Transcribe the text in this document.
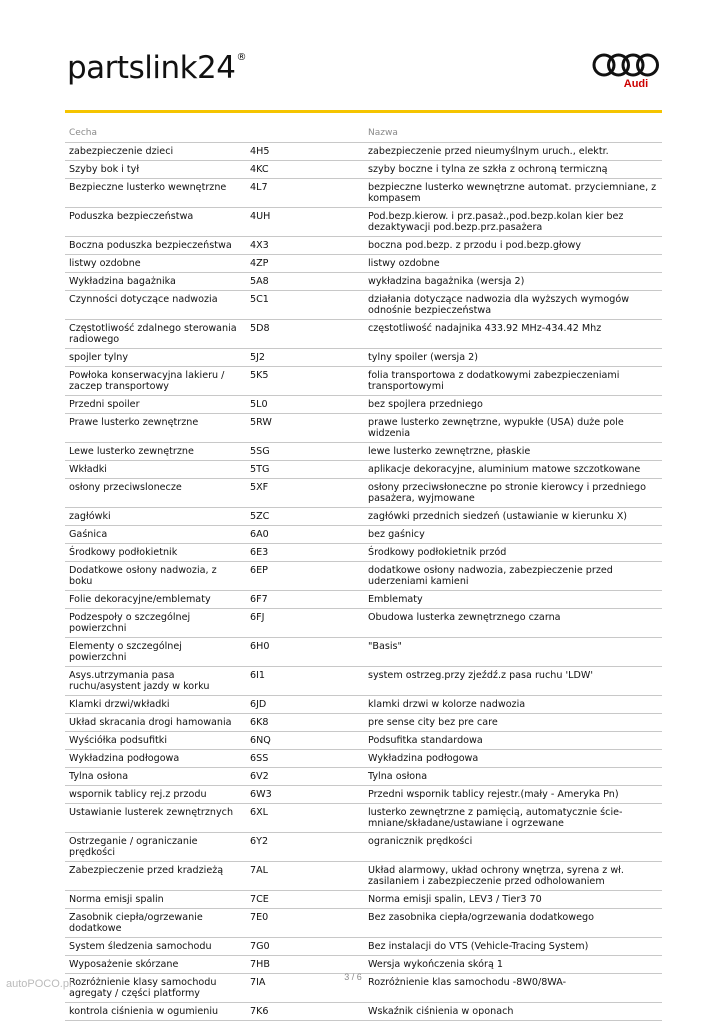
partslink24®
Audi
Cecha		Nazwa
zabezpieczenie dzieci	4H5	zabezpieczenie przed nieumyślnym uruch., elektr.
Szyby bok i tył	4KC	szyby boczne i tylna ze szkła z ochroną termiczną
Bezpieczne lusterko wewnętrzne	4L7	bezpieczne lusterko wewnętrzne automat. przyciemniane, z kompasem
Poduszka bezpieczeństwa	4UH	Pod.bezp.kierow. i prz.pasaż.,pod.bezp.kolan kier bez dezaktywacji pod.bezp.prz.pasażera
Boczna poduszka bezpieczeństwa	4X3	boczna pod.bezp. z przodu i pod.bezp.głowy
listwy ozdobne	4ZP	listwy ozdobne
Wykładzina bagażnika	5A8	wykładzina bagażnika (wersja 2)
Czynności dotyczące nadwozia	5C1	działania dotyczące nadwozia dla wyższych wymogów odnośnie bezpieczeństwa
Częstotliwość zdalnego sterowania radiowego	5D8	częstotliwość nadajnika 433.92 MHz-434.42 Mhz
spojler tylny	5J2	tylny spoiler (wersja 2)
Powłoka konserwacyjna lakieru / zaczep transportowy	5K5	folia transportowa z dodatkowymi zabezpieczeniami transportowymi
Przedni spoiler	5L0	bez spojlera przedniego
Prawe lusterko zewnętrzne	5RW	prawe lusterko zewnętrzne, wypukłe (USA) duże pole widzenia
Lewe lusterko zewnętrzne	5SG	lewe lusterko zewnętrzne, płaskie
Wkładki	5TG	aplikacje dekoracyjne, aluminium matowe szczotkowane
osłony przeciwslonecze	5XF	osłony przeciwsłoneczne po stronie kierowcy i przedniego pasażera, wyjmowane
zagłówki	5ZC	zagłówki przednich siedzeń (ustawianie w kierunku X)
Gaśnica	6A0	bez gaśnicy
Środkowy podłokietnik	6E3	Środkowy podłokietnik przód
Dodatkowe osłony nadwozia, z boku	6EP	dodatkowe osłony nadwozia, zabezpieczenie przed uderzeniami kamieni
Folie dekoracyjne/emblematy	6F7	Emblematy
Podzespoły o szczególnej powierzchni	6FJ	Obudowa lusterka zewnętrznego czarna
Elementy o szczególnej powierzchni	6H0	"Basis"
Asys.utrzymania pasa ruchu/asystent jazdy w korku	6I1	system ostrzeg.przy zjeźdź.z pasa ruchu 'LDW'
Klamki drzwi/wkładki	6JD	klamki drzwi w kolorze nadwozia
Układ skracania drogi hamowania	6K8	pre sense city bez pre care
Wyściółka podsufitki	6NQ	Podsufitka standardowa
Wykładzina podłogowa	6SS	Wykładzina podłogowa
Tylna osłona	6V2	Tylna osłona
wspornik tablicy rej.z przodu	6W3	Przedni wspornik tablicy rejestr.(mały - Ameryka Pn)
Ustawianie lusterek zewnętrznych	6XL	lusterko zewnętrzne z pamięcią, automatycznie ście-mniane/składane/ustawiane i ogrzewane
Ostrzeganie / ograniczanie prędkości	6Y2	ogranicznik prędkości
Zabezpieczenie przed kradzieżą	7AL	Układ alarmowy, układ ochrony wnętrza, syrena z wł. zasilaniem i zabezpieczenie przed odholowaniem
Norma emisji spalin	7CE	Norma emisji spalin, LEV3 / Tier3 70
Zasobnik ciepła/ogrzewanie dodatkowe	7E0	Bez zasobnika ciepła/ogrzewania dodatkowego
System śledzenia samochodu	7G0	Bez instalacji do VTS (Vehicle-Tracing System)
Wyposażenie skórzane	7HB	Wersja wykończenia skórą 1
Rozróżnienie klasy samochodu agregaty / części platformy	7IA	Rozróżnienie klas samochodu -8W0/8WA-
kontrola ciśnienia w ogumieniu	7K6	Wskaźnik ciśnienia w oponach
3 / 6
autoPOCO.pl
